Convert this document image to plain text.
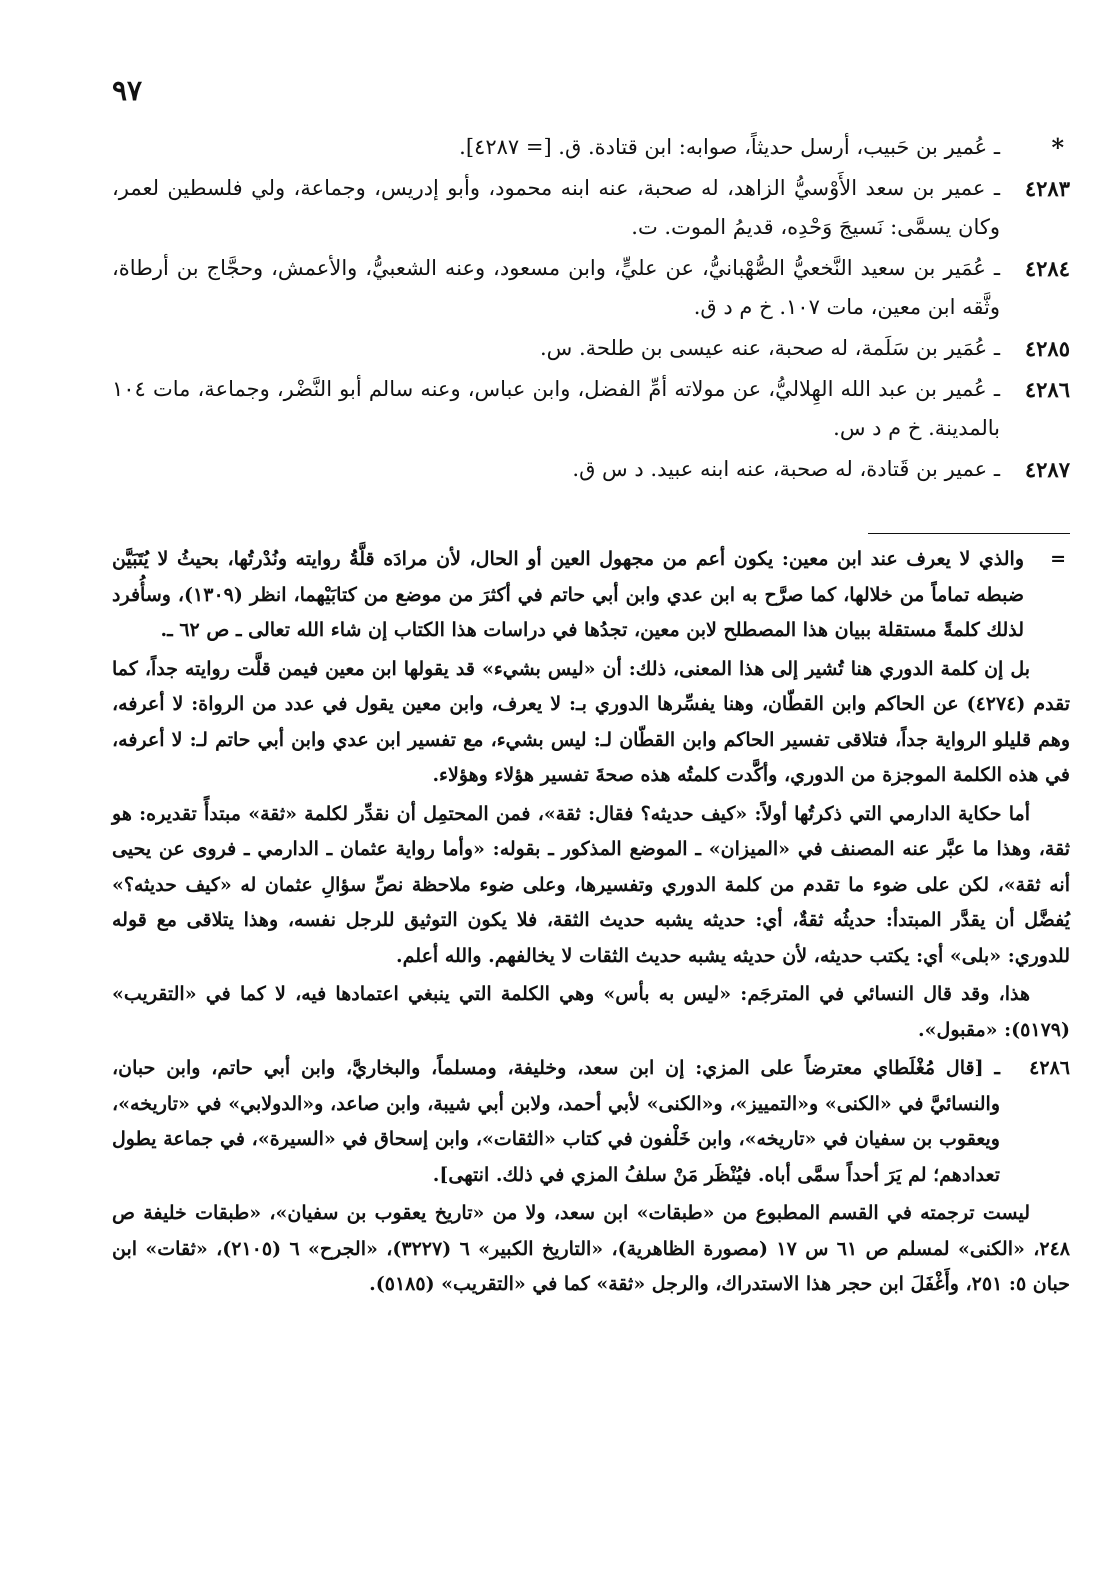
٩٧
*
ـ عُمير بن حَبيب، أرسل حديثاً، صوابه: ابن قتادة. ق. [= ٤٢٨٧].
٤٢٨٣
ـ عمير بن سعد الأَوْسيُّ الزاهد، له صحبة، عنه ابنه محمود، وأبو إدريس، وجماعة، ولي فلسطين لعمر، وكان يسمَّى: نَسيجَ وَحْدِه، قديمُ الموت. ت.
٤٢٨٤
ـ عُمَير بن سعيد النَّخعيُّ الصُّهْبانيُّ، عن عليٍّ، وابن مسعود، وعنه الشعبيُّ، والأعمش، وحجَّاج بن أرطاة، وثَّقه ابن معين، مات ١٠٧. خ م د ق.
٤٢٨٥
ـ عُمَير بن سَلَمة، له صحبة، عنه عيسى بن طلحة. س.
٤٢٨٦
ـ عُمير بن عبد الله الهِلاليُّ، عن مولاته أمِّ الفضل، وابن عباس، وعنه سالم أبو النَّضْر، وجماعة، مات ١٠٤ بالمدينة. خ م د س.
٤٢٨٧
ـ عمير بن قَتادة، له صحبة، عنه ابنه عبيد. د س ق.

=
والذي لا يعرف عند ابن معين: يكون أعم من مجهول العين أو الحال، لأن مرادَه قلَّةُ روايته ونُدْرتُها، بحيثُ لا يُتَبَيَّن ضبطه تماماً من خلالها، كما صرَّح به ابن عدي وابن أبي حاتم في أكثرَ من موضع من كتابَيْهما، انظر (١٣٠٩)، وسأُفرد لذلك كلمةً مستقلة ببيان هذا المصطلح لابن معين، تجدُها في دراسات هذا الكتاب إن شاء الله تعالى ـ ص ٦٢ ـ.

بل إن كلمة الدوري هنا تُشير إلى هذا المعنى، ذلك: أن «ليس بشيء» قد يقولها ابن معين فيمن قلَّت روايته جداً، كما تقدم (٤٢٧٤) عن الحاكم وابن القطّان، وهنا يفسِّرها الدوري بـ: لا يعرف، وابن معين يقول في عدد من الرواة: لا أعرفه، وهم قليلو الرواية جداً، فتلاقى تفسير الحاكم وابن القطّان لـ: ليس بشيء، مع تفسير ابن عدي وابن أبي حاتم لـ: لا أعرفه، في هذه الكلمة الموجزة من الدوري، وأكَّدت كلمتُه هذه صحةَ تفسير هؤلاء وهؤلاء.

أما حكاية الدارمي التي ذكرتُها أولاً: «كيف حديثه؟ فقال: ثقة»، فمن المحتمِل أن نقدِّر لكلمة «ثقة» مبتدأً تقديره: هو ثقة، وهذا ما عبَّر عنه المصنف في «الميزان» ـ الموضع المذكور ـ بقوله: «وأما رواية عثمان ـ الدارمي ـ فروى عن يحيى أنه ثقة»، لكن على ضوء ما تقدم من كلمة الدوري وتفسيرها، وعلى ضوء ملاحظة نصِّ سؤالِ عثمان له «كيف حديثه؟» يُفضَّل أن يقدَّر المبتدأ: حديثُه ثقةٌ، أي: حديثه يشبه حديث الثقة، فلا يكون التوثيق للرجل نفسه، وهذا يتلاقى مع قوله للدوري: «بلى» أي: يكتب حديثه، لأن حديثه يشبه حديث الثقات لا يخالفهم. والله أعلم.

هذا، وقد قال النسائي في المترجَم: «ليس به بأس» وهي الكلمة التي ينبغي اعتمادها فيه، لا كما في «التقريب» (٥١٧٩): «مقبول».

٤٢٨٦
ـ [قال مُغْلَطاي معترضاً على المزي: إن ابن سعد، وخليفة، ومسلماً، والبخاريَّ، وابن أبي حاتم، وابن حبان، والنسائيَّ في «الكنى» و«التمييز»، و«الكنى» لأبي أحمد، ولابن أبي شيبة، وابن صاعد، و«الدولابي» في «تاريخه»، ويعقوب بن سفيان في «تاريخه»، وابن خَلْفون في كتاب «الثقات»، وابن إسحاق في «السيرة»، في جماعة يطول تعدادهم؛ لم يَرَ أحداً سمَّى أباه. فيُنْظَر مَنْ سلفُ المزي في ذلك. انتهى].

ليست ترجمته في القسم المطبوع من «طبقات» ابن سعد، ولا من «تاريخ يعقوب بن سفيان»، «طبقات خليفة ص ٢٤٨، «الكنى» لمسلم ص ٦١ س ١٧ (مصورة الظاهرية)، «التاريخ الكبير» ٦ (٣٢٢٧)، «الجرح» ٦ (٢١٠٥)، «ثقات» ابن حبان ٥: ٢٥١، وأَغْفَلَ ابن حجر هذا الاستدراك، والرجل «ثقة» كما في «التقريب» (٥١٨٥).
